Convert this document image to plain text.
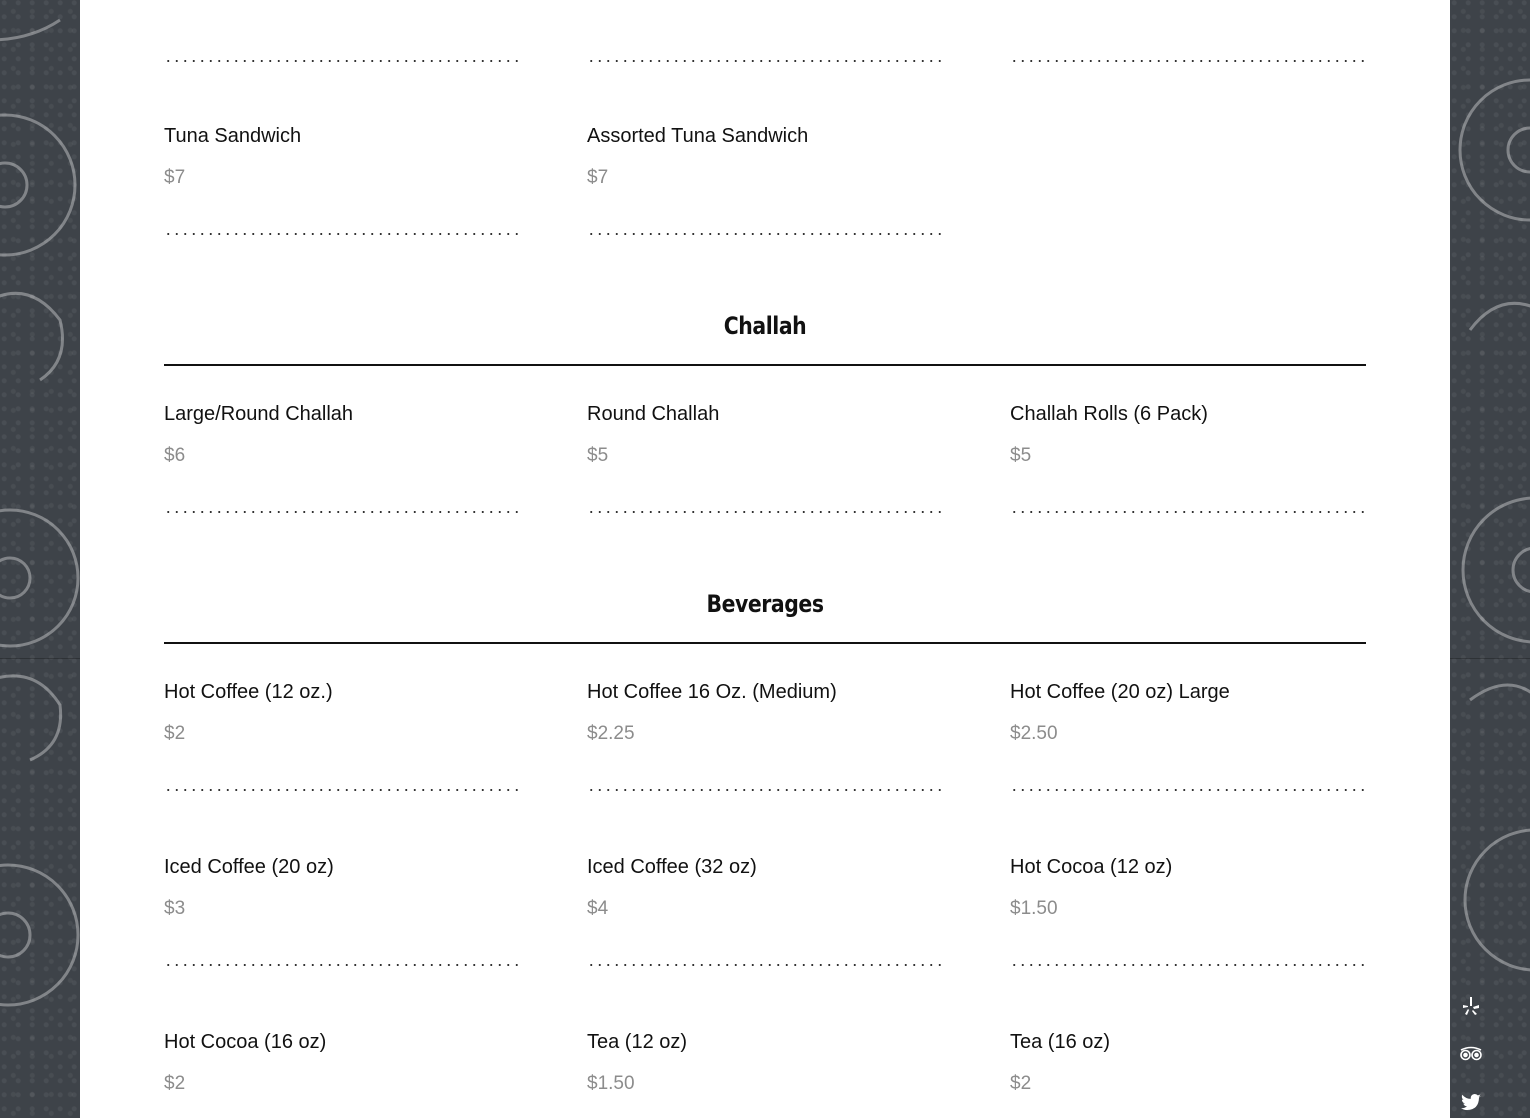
Tuna Sandwich
$7
Assorted Tuna Sandwich
$7
Challah
Large/Round Challah
$6
Round Challah
$5
Challah Rolls (6 Pack)
$5
Beverages
Hot Coffee (12 oz.)
$2
Hot Coffee 16 Oz. (Medium)
$2.25
Hot Coffee (20 oz) Large
$2.50
Iced Coffee (20 oz)
$3
Iced Coffee (32 oz)
$4
Hot Cocoa (12 oz)
$1.50
Hot Cocoa (16 oz)
$2
Tea (12 oz)
$1.50
Tea (16 oz)
$2
